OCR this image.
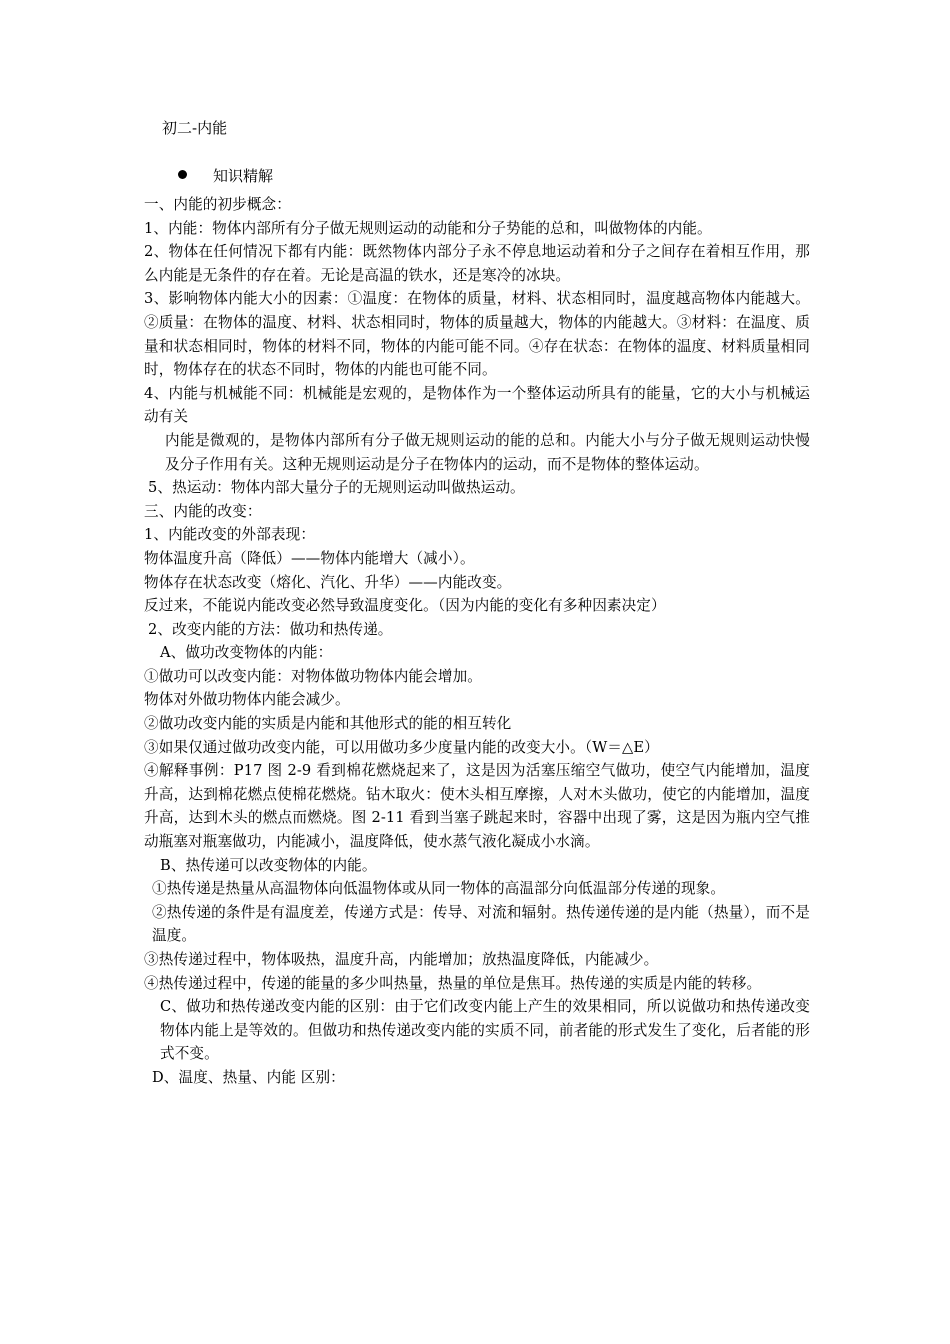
初二-内能
知识精解

一、内能的初步概念：

1、内能：物体内部所有分子做无规则运动的动能和分子势能的总和，叫做物体的内能。

2、物体在任何情况下都有内能：既然物体内部分子永不停息地运动着和分子之间存在着相互作用，那么内能是无条件的存在着。无论是高温的铁水，还是寒冷的冰块。

3、影响物体内能大小的因素：①温度：在物体的质量，材料、状态相同时，温度越高物体内能越大。②质量：在物体的温度、材料、状态相同时，物体的质量越大，物体的内能越大。③材料：在温度、质量和状态相同时，物体的材料不同，物体的内能可能不同。④存在状态：在物体的温度、材料质量相同时，物体存在的状态不同时，物体的内能也可能不同。

4、内能与机械能不同：机械能是宏观的，是物体作为一个整体运动所具有的能量，它的大小与机械运动有关

内能是微观的，是物体内部所有分子做无规则运动的能的总和。内能大小与分子做无规则运动快慢及分子作用有关。这种无规则运动是分子在物体内的运动，而不是物体的整体运动。

5、热运动：物体内部大量分子的无规则运动叫做热运动。

三、内能的改变：

1、内能改变的外部表现：

物体温度升高（降低）——物体内能增大（减小）。

物体存在状态改变（熔化、汽化、升华）——内能改变。

反过来，不能说内能改变必然导致温度变化。（因为内能的变化有多种因素决定）

2、改变内能的方法：做功和热传递。

A、做功改变物体的内能：

①做功可以改变内能：对物体做功物体内能会增加。

物体对外做功物体内能会减少。

②做功改变内能的实质是内能和其他形式的能的相互转化

③如果仅通过做功改变内能，可以用做功多少度量内能的改变大小。（W＝△E）

④解释事例：P17 图 2-9 看到棉花燃烧起来了，这是因为活塞压缩空气做功，使空气内能增加，温度升高，达到棉花燃点使棉花燃烧。钻木取火：使木头相互摩擦，人对木头做功，使它的内能增加，温度升高，达到木头的燃点而燃烧。图 2-11 看到当塞子跳起来时，容器中出现了雾，这是因为瓶内空气推动瓶塞对瓶塞做功，内能减小，温度降低，使水蒸气液化凝成小水滴。

B、热传递可以改变物体的内能。

①热传递是热量从高温物体向低温物体或从同一物体的高温部分向低温部分传递的现象。

②热传递的条件是有温度差，传递方式是：传导、对流和辐射。热传递传递的是内能（热量），而不是温度。

③热传递过程中，物体吸热，温度升高，内能增加；放热温度降低，内能减少。

④热传递过程中，传递的能量的多少叫热量，热量的单位是焦耳。热传递的实质是内能的转移。

C、做功和热传递改变内能的区别：由于它们改变内能上产生的效果相同，所以说做功和热传递改变物体内能上是等效的。但做功和热传递改变内能的实质不同，前者能的形式发生了变化，后者能的形式不变。

D、温度、热量、内能 区别：
